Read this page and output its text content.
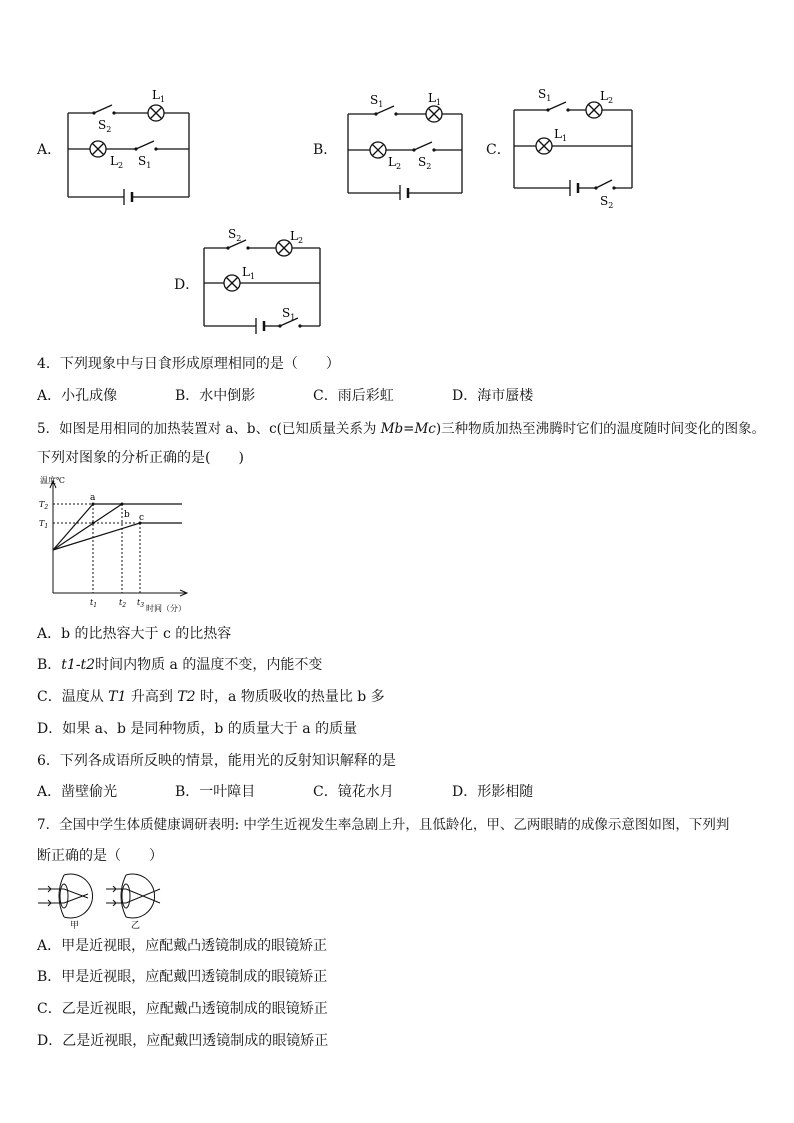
A．
$S_2$
$L_1$
$L_2$ $S_1$
B．
$S_1$	$L_1$
$L_2$ $S_2$
C．
$S_1$	$L_2$
$L_1$
$S_2$
D．
$S_2$	$L_2$
$L_1$
$S_1$
4．下列现象中与日食形成原理相同的是（　　）
A．小孔成像	B．水中倒影	C．雨后彩虹	D．海市蜃楼
5．如图是用相同的加热装置对 a、b、c(已知质量关系为 Mb=Mc)三种物质加热至沸腾时它们的温度随时间变化的图象。
下列对图象的分析正确的是(　　)
温度℃
$T_2$
$T_1$
$t_1$	$t_2$ $t_3$ 时间（分）
a
b c
A．b 的比热容大于 c 的比热容
B．t1-t2时间内物质 a 的温度不变，内能不变
C．温度从 T1 升高到 T2 时，a 物质吸收的热量比 b 多
D．如果 a、b 是同种物质，b 的质量大于 a 的质量
6．下列各成语所反映的情景，能用光的反射知识解释的是
A．凿壁偷光	B．一叶障目	C．镜花水月	D．形影相随
7．全国中学生体质健康调研表明: 中学生近视发生率急剧上升，且低龄化，甲、乙两眼睛的成像示意图如图，下列判
断正确的是（　　）
甲	乙
A．甲是近视眼，应配戴凸透镜制成的眼镜矫正
B．甲是近视眼，应配戴凹透镜制成的眼镜矫正
C．乙是近视眼，应配戴凸透镜制成的眼镜矫正
D．乙是近视眼，应配戴凹透镜制成的眼镜矫正
